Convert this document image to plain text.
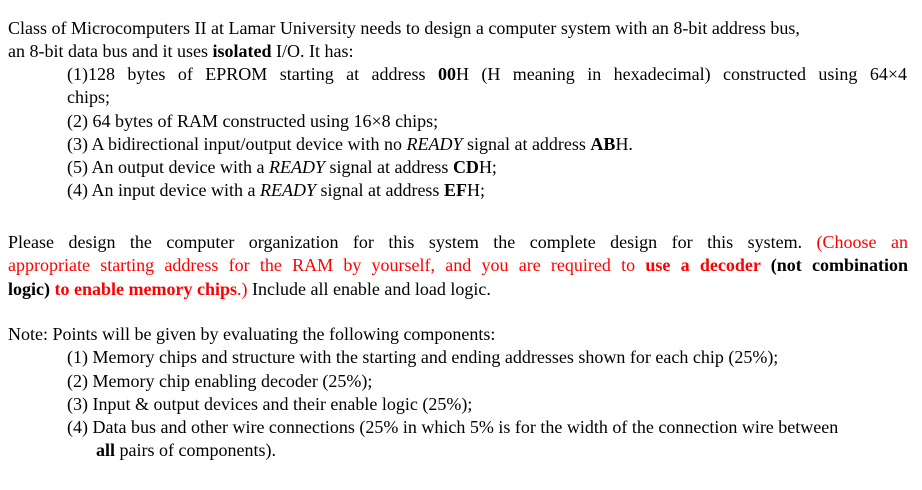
Class of Microcomputers II at Lamar University needs to design a computer system with an 8-bit address bus,
an 8-bit data bus and it uses isolated I/O. It has:
(1)128 bytes of EPROM starting at address 00H (H meaning in hexadecimal) constructed using 64×4
chips;
(2) 64 bytes of RAM constructed using 16×8 chips;
(3) A bidirectional input/output device with no READY signal at address ABH.
(5) An output device with a READY signal at address CDH;
(4) An input device with a READY signal at address EFH;
Please design the computer organization for this system the complete design for this system. (Choose an
appropriate starting address for the RAM by yourself, and you are required to use a decoder (not combination
logic) to enable memory chips.) Include all enable and load logic.
Note: Points will be given by evaluating the following components:
(1) Memory chips and structure with the starting and ending addresses shown for each chip (25%);
(2) Memory chip enabling decoder (25%);
(3) Input & output devices and their enable logic (25%);
(4) Data bus and other wire connections (25% in which 5% is for the width of the connection wire between
all pairs of components).
